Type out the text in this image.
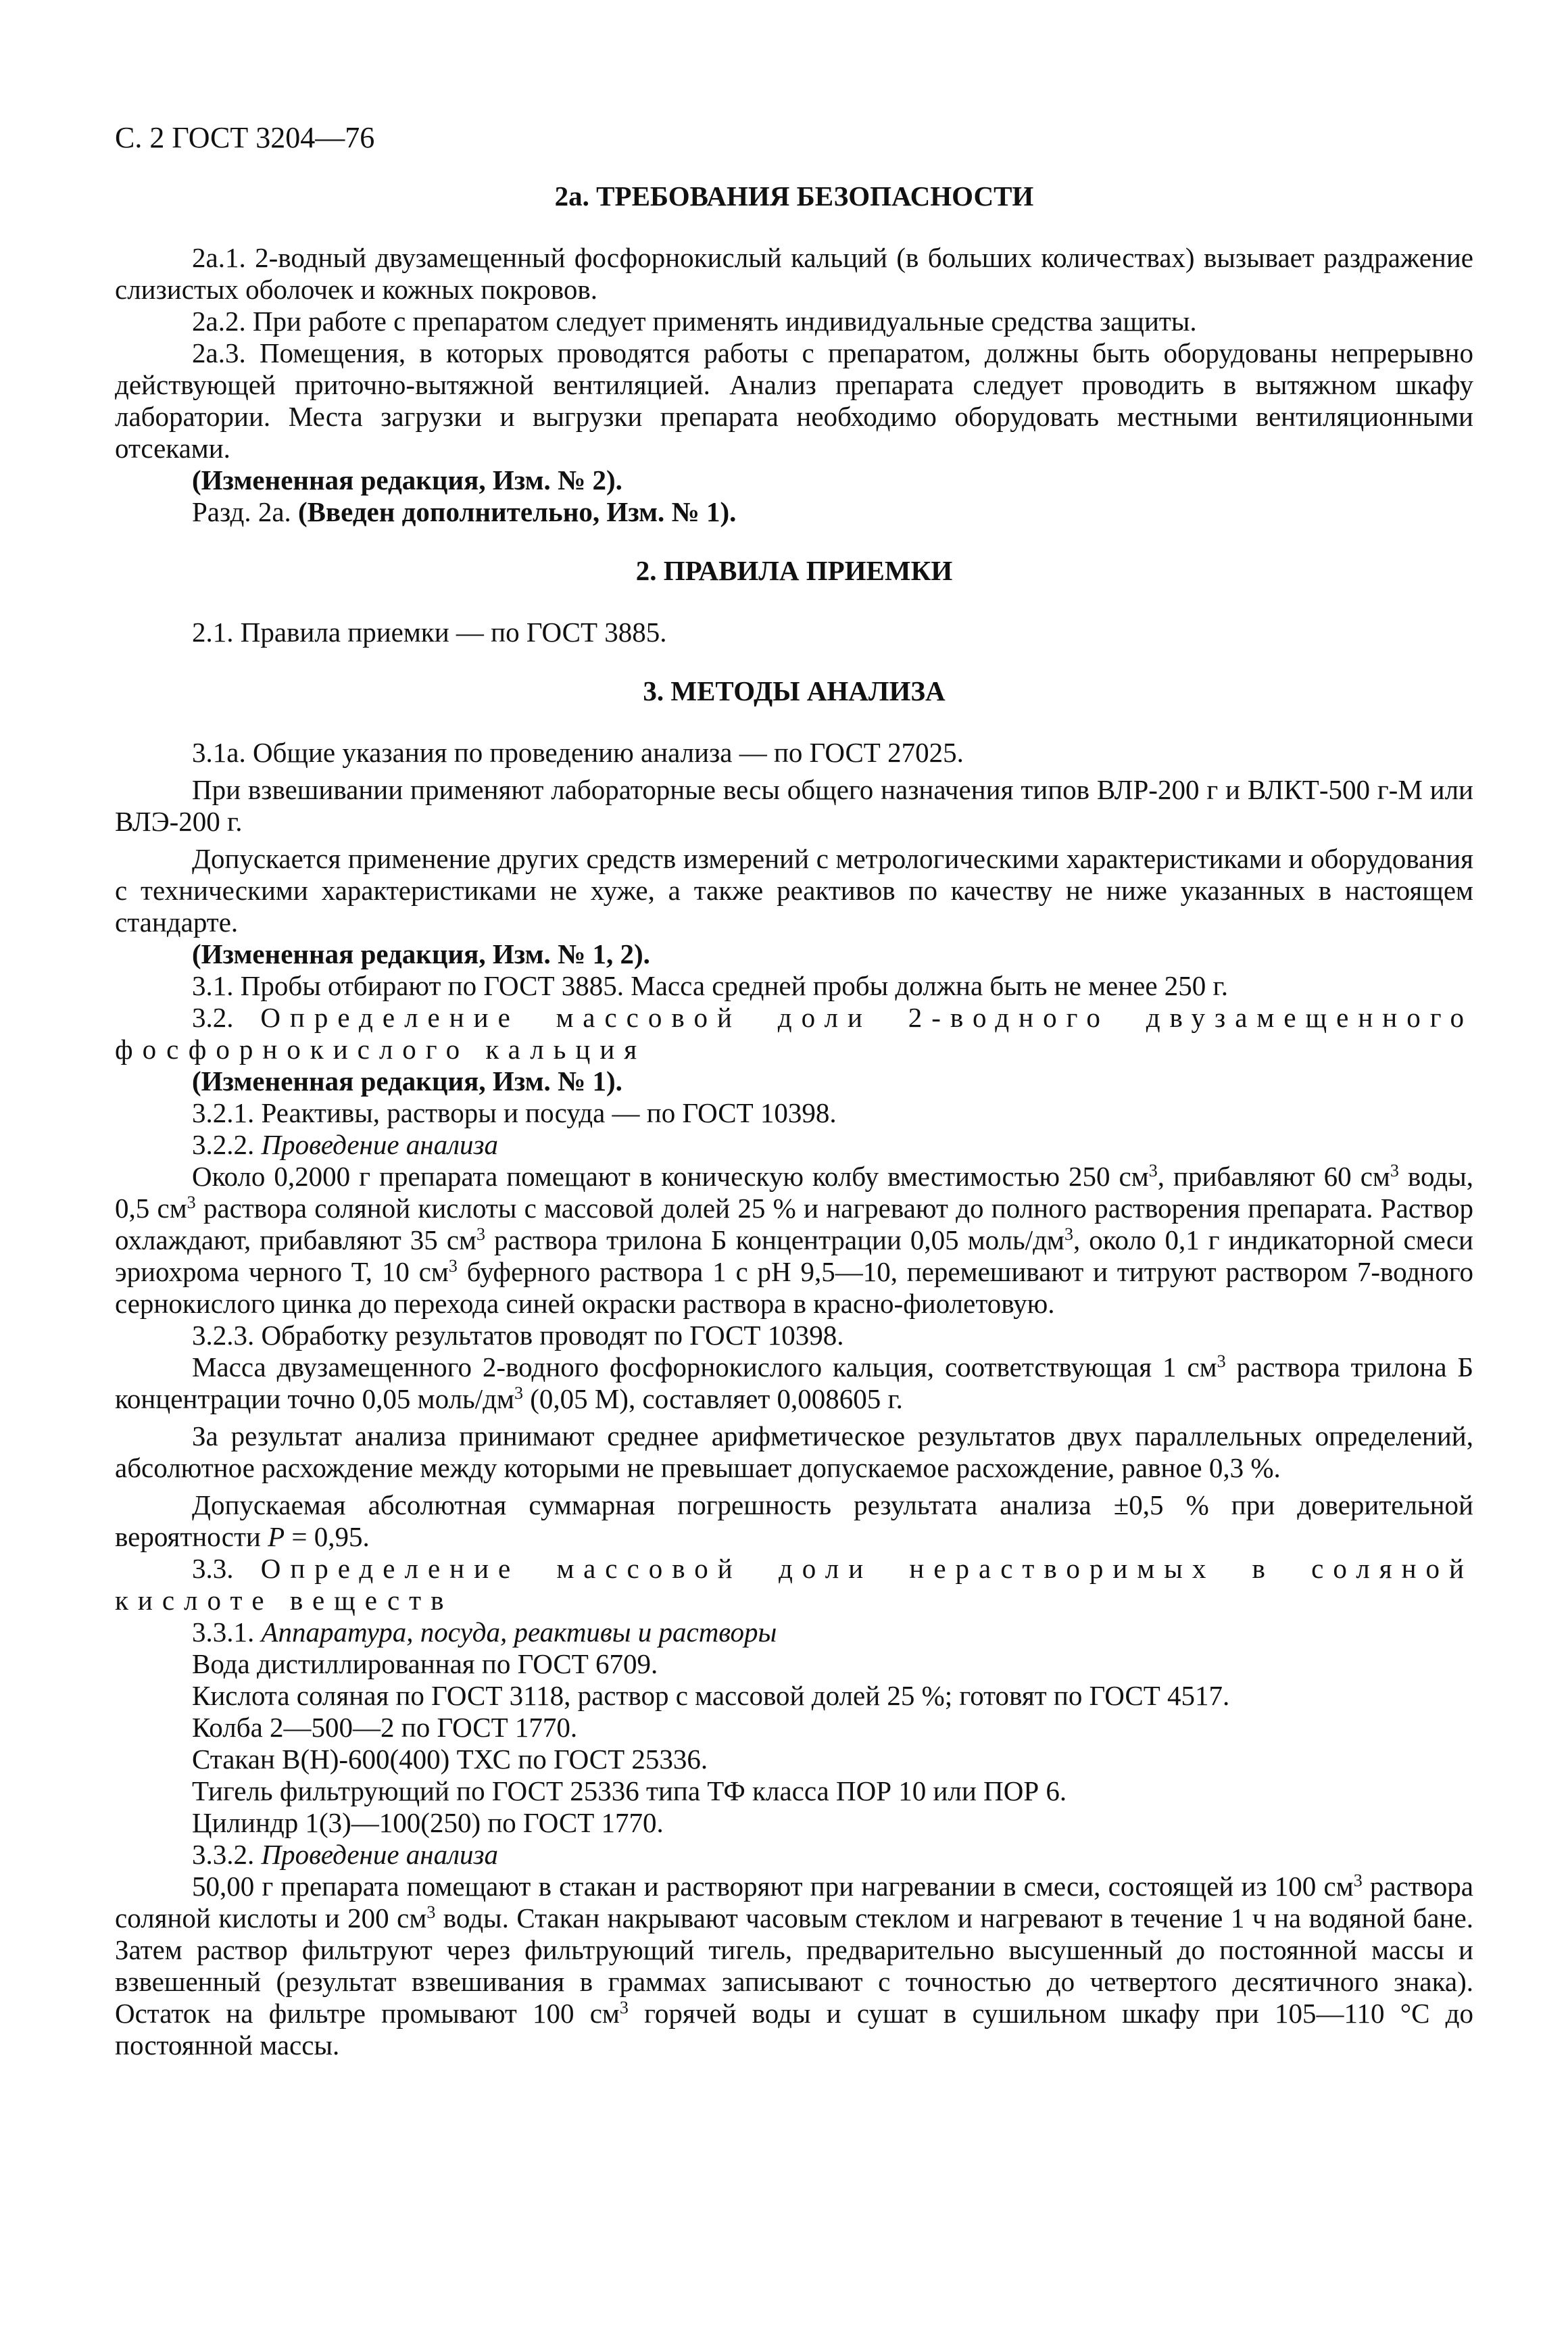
С. 2 ГОСТ 3204—76
2а. ТРЕБОВАНИЯ БЕЗОПАСНОСТИ

2а.1. 2-водный двузамещенный фосфорнокислый кальций (в больших количествах) вызывает раздражение слизистых оболочек и кожных покровов.

2а.2. При работе с препаратом следует применять индивидуальные средства защиты.

2а.3. Помещения, в которых проводятся работы с препаратом, должны быть оборудованы непрерывно действующей приточно-вытяжной вентиляцией. Анализ препарата следует проводить в вытяжном шкафу лаборатории. Места загрузки и выгрузки препарата необходимо оборудовать местными вентиляционными отсеками.

(Измененная редакция, Изм. № 2).

Разд. 2а. (Введен дополнительно, Изм. № 1).

2. ПРАВИЛА ПРИЕМКИ

2.1. Правила приемки — по ГОСТ 3885.

3. МЕТОДЫ АНАЛИЗА

3.1а. Общие указания по проведению анализа — по ГОСТ 27025.

При взвешивании применяют лабораторные весы общего назначения типов ВЛР-200 г и ВЛКТ-500 г-М или ВЛЭ-200 г.

Допускается применение других средств измерений с метрологическими характеристиками и оборудования с техническими характеристиками не хуже, а также реактивов по качеству не ниже указанных в настоящем стандарте.

(Измененная редакция, Изм. № 1, 2).

3.1. Пробы отбирают по ГОСТ 3885. Масса средней пробы должна быть не менее 250 г.

3.2. Определение массовой доли 2-водного двузамещенного фосфорнокислого кальция

(Измененная редакция, Изм. № 1).

3.2.1. Реактивы, растворы и посуда — по ГОСТ 10398.

3.2.2. Проведение анализа

Около 0,2000 г препарата помещают в коническую колбу вместимостью 250 $см^3$, прибавляют 60 $см^3$ воды, 0,5 $см^3$ раствора соляной кислоты с массовой долей 25 % и нагревают до полного растворения препарата. Раствор охлаждают, прибавляют 35 $см^3$ раствора трилона Б концентрации 0,05 моль/$дм^3$, около 0,1 г индикаторной смеси эриохрома черного Т, 10 $см^3$ буферного раствора 1 с рН 9,5—10, перемешивают и титруют раствором 7-водного сернокислого цинка до перехода синей окраски раствора в красно-фиолетовую.

3.2.3. Обработку результатов проводят по ГОСТ 10398.

Масса двузамещенного 2-водного фосфорнокислого кальция, соответствующая 1 $см^3$ раствора трилона Б концентрации точно 0,05 моль/$дм^3$ (0,05 М), составляет 0,008605 г.

За результат анализа принимают среднее арифметическое результатов двух параллельных определений, абсолютное расхождение между которыми не превышает допускаемое расхождение, равное 0,3 %.

Допускаемая абсолютная суммарная погрешность результата анализа ±0,5 % при доверительной вероятности P = 0,95.

3.3. Определение массовой доли нерастворимых в соляной кислоте веществ

3.3.1. Аппаратура, посуда, реактивы и растворы

Вода дистиллированная по ГОСТ 6709.

Кислота соляная по ГОСТ 3118, раствор с массовой долей 25 %; готовят по ГОСТ 4517.

Колба 2—500—2 по ГОСТ 1770.

Стакан В(Н)-600(400) ТХС по ГОСТ 25336.

Тигель фильтрующий по ГОСТ 25336 типа ТФ класса ПОР 10 или ПОР 6.

Цилиндр 1(3)—100(250) по ГОСТ 1770.

3.3.2. Проведение анализа

50,00 г препарата помещают в стакан и растворяют при нагревании в смеси, состоящей из 100 $см^3$ раствора соляной кислоты и 200 $см^3$ воды. Стакан накрывают часовым стеклом и нагревают в течение 1 ч на водяной бане. Затем раствор фильтруют через фильтрующий тигель, предварительно высушенный до постоянной массы и взвешенный (результат взвешивания в граммах записывают с точностью до четвертого десятичного знака). Остаток на фильтре промывают 100 $см^3$ горячей воды и сушат в сушильном шкафу при 105—110 °С до постоянной массы.
